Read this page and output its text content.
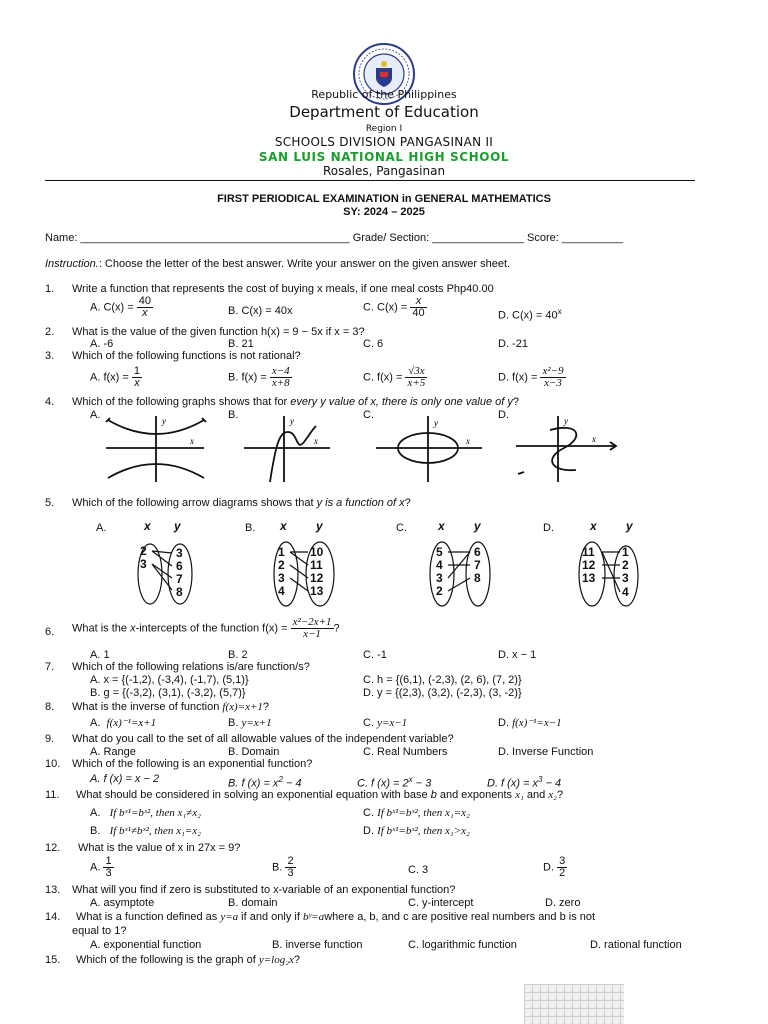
Republic of the Philippines
Department of Education
Region I
SCHOOLS DIVISION PANGASINAN II
SAN LUIS NATIONAL HIGH SCHOOL
Rosales, Pangasinan
FIRST PERIODICAL EXAMINATION in GENERAL MATHEMATICS
SY: 2024 – 2025
Name: ____________________________________________ Grade/ Section: _______________ Score: __________
Instruction.: Choose the letter of the best answer. Write your answer on the given answer sheet.
1. Write a function that represents the cost of buying x meals, if one meal costs Php40.00
A. $C(x) = \frac{40}{x}$	B. C(x) = 40x	C. $C(x) = \frac{x}{40}$	D. $C(x) = 40^x$
2. What is the value of the given function h(x) = 9 − 5x if x = 3?
A. -6	B. 21	C. 6	D. -21
3. Which of the following functions is not rational?
A. $f(x) = \frac{1}{x}$	B. $f(x) = \frac{x-4}{x+8}$	C. $f(x) = \frac{√3x}{x+5}$	D. $f(x) = \frac{\text{x²−9}}{x-3}$
4. Which of the following graphs shows that for every y value of x, there is only one value of y?
A.	B.	C.	D.
y
x
y
x
y
x
y
x
5. Which of the following arrow diagrams shows that y is a function of x?
A.	B.	C.	D.
x y
2
3
3
6
7
8
x y
1
2
3
4
10
11
12
13
x y
5
4
3
2
6
7
8
x y
11
12
13
1
2
3
4
6. What is the x-intercepts of the function $f(x) = \frac{\text{x²−2x+1}}{x-1}$ ?
A. 1	B. 2	C. -1	D. x − 1
7. Which of the following relations is/are function/s?
A. x = {(-1,2), (-3,4), (-1,7), (5,1)}	C. h = {(6,1), (-2,3), (2, 6), (7, 2)}
B. g = {(-3,2), (3,1), (-3,2), (5,7)}	D. y = {(2,3), (3,2), (-2,3), (3, -2)}
8. What is the inverse of function f(x)=x+1?
A. f(x)⁻¹=x+1	B. y=x+1	C. y=x−1	D. f(x)⁻¹=x−1
9. What do you call to the set of all allowable values of the independent variable?
A. Range	B. Domain	C. Real Numbers	D. Inverse Function
10. Which of the following is an exponential function?
A. f (x) = x − 2	B. f $(x) = x^2 - 4$	C. f $(x) = 2^x - 3$	D. f $(x) = x^3 - 4$
11. What should be considered in solving an exponential equation with base b and exponents x₁ and x₂?
A. If bˣ¹=bˣ², then x₁≠x₂	C. If bˣ¹=bˣ², then x₁=x₂
B. If bˣ¹≠bˣ², then x₁=x₂	D. If bˣ¹=bˣ², then x₁>x₂
12. What is the value of x in 27x = 9?
A. $\frac{1}{3}$	B. $\frac{2}{3}$	C. 3	D. $\frac{3}{2}$
13. What will you find if zero is substituted to x-variable of an exponential function?
A. asymptote	B. domain	C. y-intercept	D. zero
14. What is a function defined as y=a if and only if bʸ=awhere a, b, and c are positive real numbers and b is not
equal to 1?
A. exponential function	B. inverse function	C. logarithmic function	D. rational function
15. Which of the following is the graph of y=log₂x?
